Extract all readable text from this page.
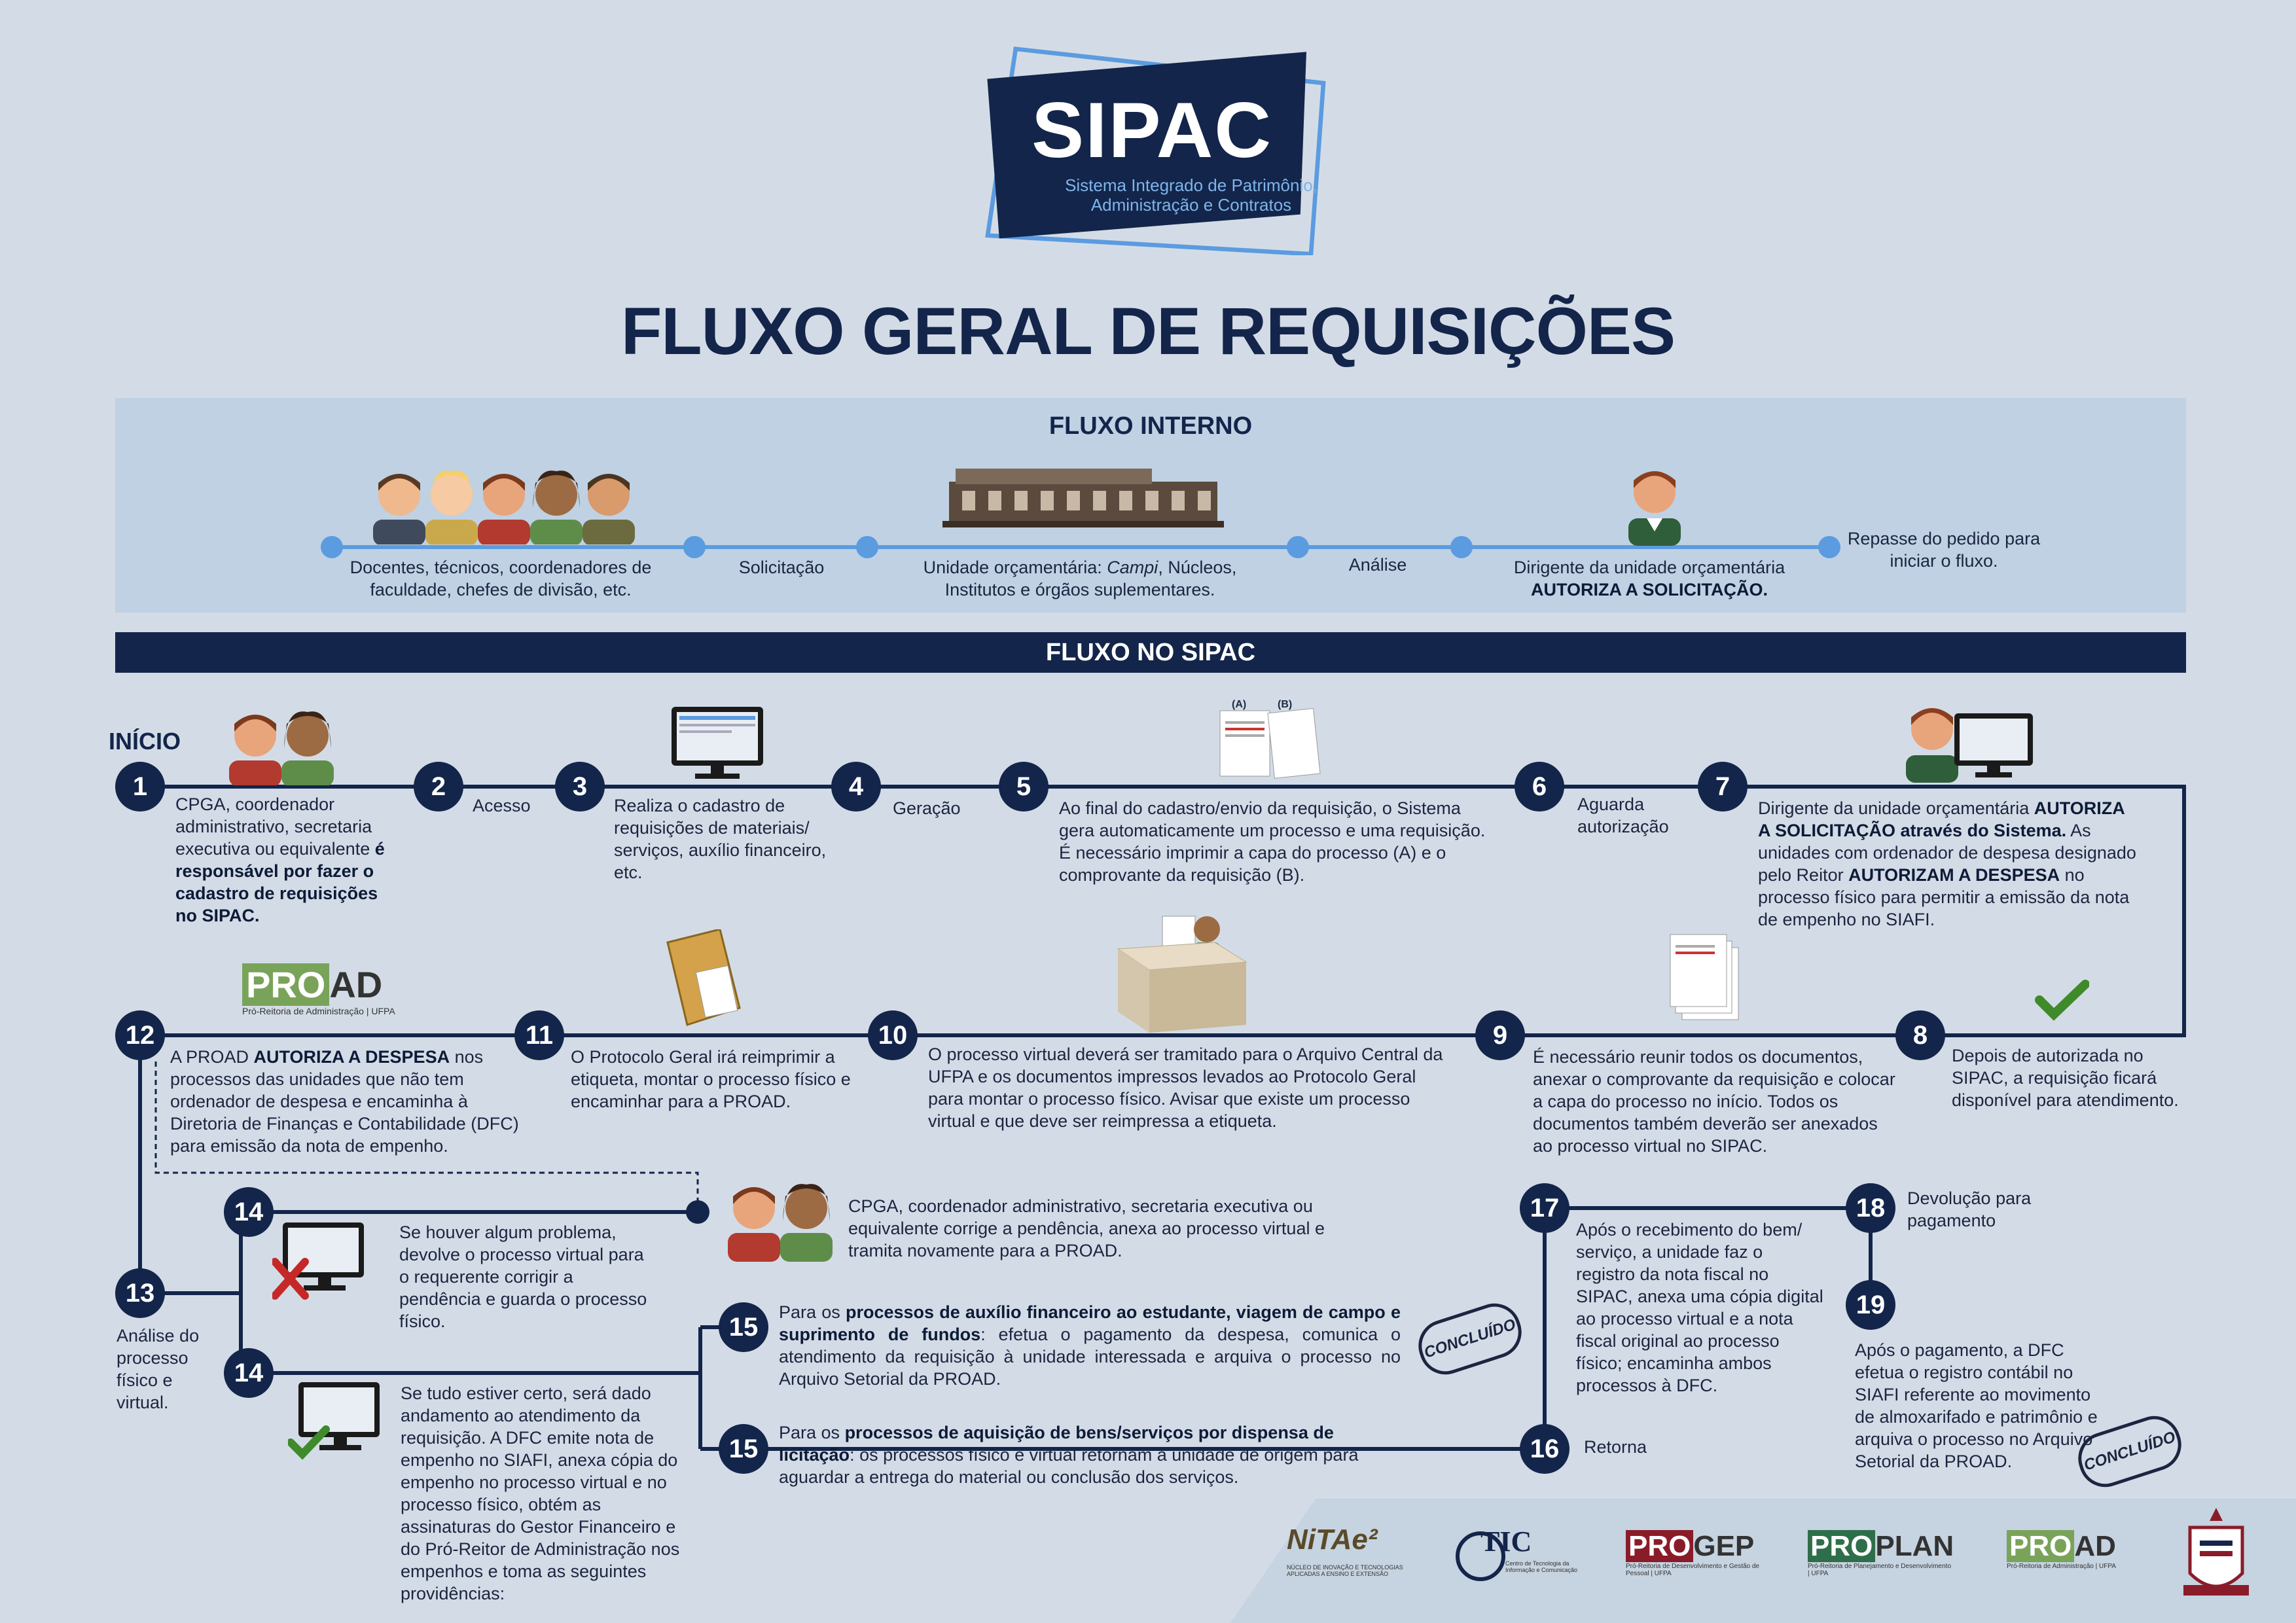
SIPAC
Sistema Integrado de Patrimônio,
Administração e Contratos
FLUXO GERAL DE REQUISIÇÕES
FLUXO INTERNO
Docentes, técnicos, coordenadores de faculdade, chefes de divisão, etc.
Solicitação	Unidade orçamentária: Campi, Núcleos, Institutos e órgãos suplementares.
Análise	Dirigente da unidade orçamentária
AUTORIZA A SOLICITAÇÃO.
Repasse do pedido para iniciar o fluxo.
FLUXO NO SIPAC
INÍCIO
1	2	3	4	5	6	7
(A)	(B)
CPGA, coordenador administrativo, secretaria executiva ou equivalente é responsável por fazer o cadastro de requisições no SIPAC.
Acesso	Realiza o cadastro de requisições de materiais/ serviços, auxílio financeiro, etc.
Geração	Ao final do cadastro/envio da requisição, o Sistema gera automaticamente um processo e uma requisição. É necessário imprimir a capa do processo (A) e o comprovante da requisição (B).
Aguarda autorização
Dirigente da unidade orçamentária AUTORIZA A SOLICITAÇÃO através do Sistema. As unidades com ordenador de despesa designado pelo Reitor AUTORIZAM A DESPESA no processo físico para permitir a emissão da nota de empenho no SIAFI.
12	11	10	9	8
PRO AD
Pró-Reitoria de Administração | UFPA
A PROAD AUTORIZA A DESPESA nos processos das unidades que não tem ordenador de despesa e encaminha à Diretoria de Finanças e Contabilidade (DFC) para emissão da nota de empenho.
O Protocolo Geral irá reimprimir a etiqueta, montar o processo físico e encaminhar para a PROAD.
O processo virtual deverá ser tramitado para o Arquivo Central da UFPA e os documentos impressos levados ao Protocolo Geral para montar o processo físico. Avisar que existe um processo virtual e que deve ser reimpressa a etiqueta.
É necessário reunir todos os documentos, anexar o comprovante da requisição e colocar a capa do processo no início. Todos os documentos também deverão ser anexados ao processo virtual no SIPAC.
Depois de autorizada no SIPAC, a requisição ficará disponível para atendimento.
13
Análise do processo físico e virtual.
14
14
Se houver algum problema, devolve o processo virtual para o requerente corrigir a pendência e guarda o processo físico.
CPGA, coordenador administrativo, secretaria executiva ou equivalente corrige a pendência, anexa ao processo virtual e tramita novamente para a PROAD.
Se tudo estiver certo, será dado andamento ao atendimento da requisição. A DFC emite nota de empenho no SIAFI, anexa cópia do empenho no processo virtual e no processo físico, obtém as assinaturas do Gestor Financeiro e do Pró-Reitor de Administração nos empenhos e toma as seguintes providências:
15
Para os processos de auxílio financeiro ao estudante, viagem de campo e suprimento de fundos: efetua o pagamento da despesa, comunica o atendimento da requisição à unidade interessada e arquiva o processo no Arquivo Setorial da PROAD.
CONCLUÍDO
15
Para os processos de aquisição de bens/serviços por dispensa de licitação: os processos físico e virtual retornam à unidade de origem para aguardar a entrega do material ou conclusão dos serviços.
16	Retorna
17
Após o recebimento do bem/ serviço, a unidade faz o registro da nota fiscal no SIPAC, anexa uma cópia digital ao processo virtual e a nota fiscal original ao processo físico; encaminha ambos processos à DFC.
18	Devolução para pagamento
19
Após o pagamento, a DFC efetua o registro contábil no SIAFI referente ao movimento de almoxarifado e patrimônio e arquiva o processo no Arquivo Setorial da PROAD.	CONCLUÍDO
NiTAe²
NÚCLEO DE INOVAÇÃO E TECNOLOGIAS APLICADAS A ENSINO E EXTENSÃO
TIC
Centro de Tecnologia da Informação e Comunicação
PROGEP
Pró-Reitoria de Desenvolvimento e Gestão de Pessoal | UFPA
PROPLAN
Pró-Reitoria de Planejamento e Desenvolvimento | UFPA
PROAD
Pró-Reitoria de Administração | UFPA
